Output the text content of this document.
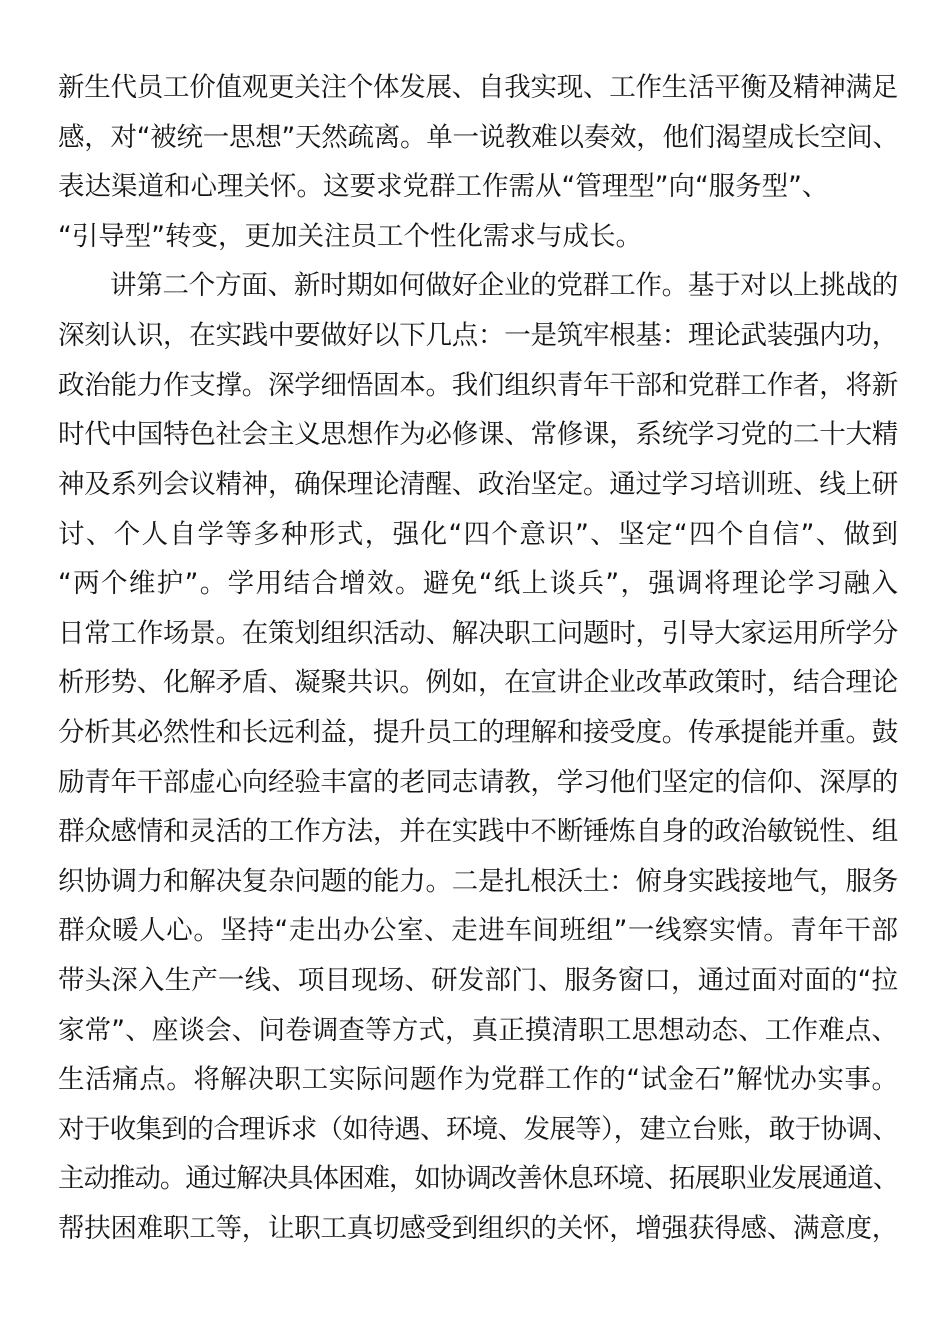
新生代员工价值观更关注个体发展、自我实现、工作生活平衡及精神满足
感，对“被统一思想”天然疏离。单一说教难以奏效，他们渴望成长空间、
表达渠道和心理关怀。这要求党群工作需从“管理型”向“服务型”、
“引导型”转变，更加关注员工个性化需求与成长。
讲第二个方面、新时期如何做好企业的党群工作。基于对以上挑战的
深刻认识，在实践中要做好以下几点：一是筑牢根基：理论武装强内功，
政治能力作支撑。深学细悟固本。我们组织青年干部和党群工作者，将新
时代中国特色社会主义思想作为必修课、常修课，系统学习党的二十大精
神及系列会议精神，确保理论清醒、政治坚定。通过学习培训班、线上研
讨、个人自学等多种形式，强化“四个意识”、坚定“四个自信”、做到
“两个维护”。学用结合增效。避免“纸上谈兵”，强调将理论学习融入
日常工作场景。在策划组织活动、解决职工问题时，引导大家运用所学分
析形势、化解矛盾、凝聚共识。例如，在宣讲企业改革政策时，结合理论
分析其必然性和长远利益，提升员工的理解和接受度。传承提能并重。鼓
励青年干部虚心向经验丰富的老同志请教，学习他们坚定的信仰、深厚的
群众感情和灵活的工作方法，并在实践中不断锤炼自身的政治敏锐性、组
织协调力和解决复杂问题的能力。二是扎根沃土：俯身实践接地气，服务
群众暖人心。坚持“走出办公室、走进车间班组”一线察实情。青年干部
带头深入生产一线、项目现场、研发部门、服务窗口，通过面对面的“拉
家常”、座谈会、问卷调查等方式，真正摸清职工思想动态、工作难点、
生活痛点。将解决职工实际问题作为党群工作的“试金石”解忧办实事。
对于收集到的合理诉求（如待遇、环境、发展等），建立台账，敢于协调、
主动推动。通过解决具体困难，如协调改善休息环境、拓展职业发展通道、
帮扶困难职工等，让职工真切感受到组织的关怀，增强获得感、满意度，
